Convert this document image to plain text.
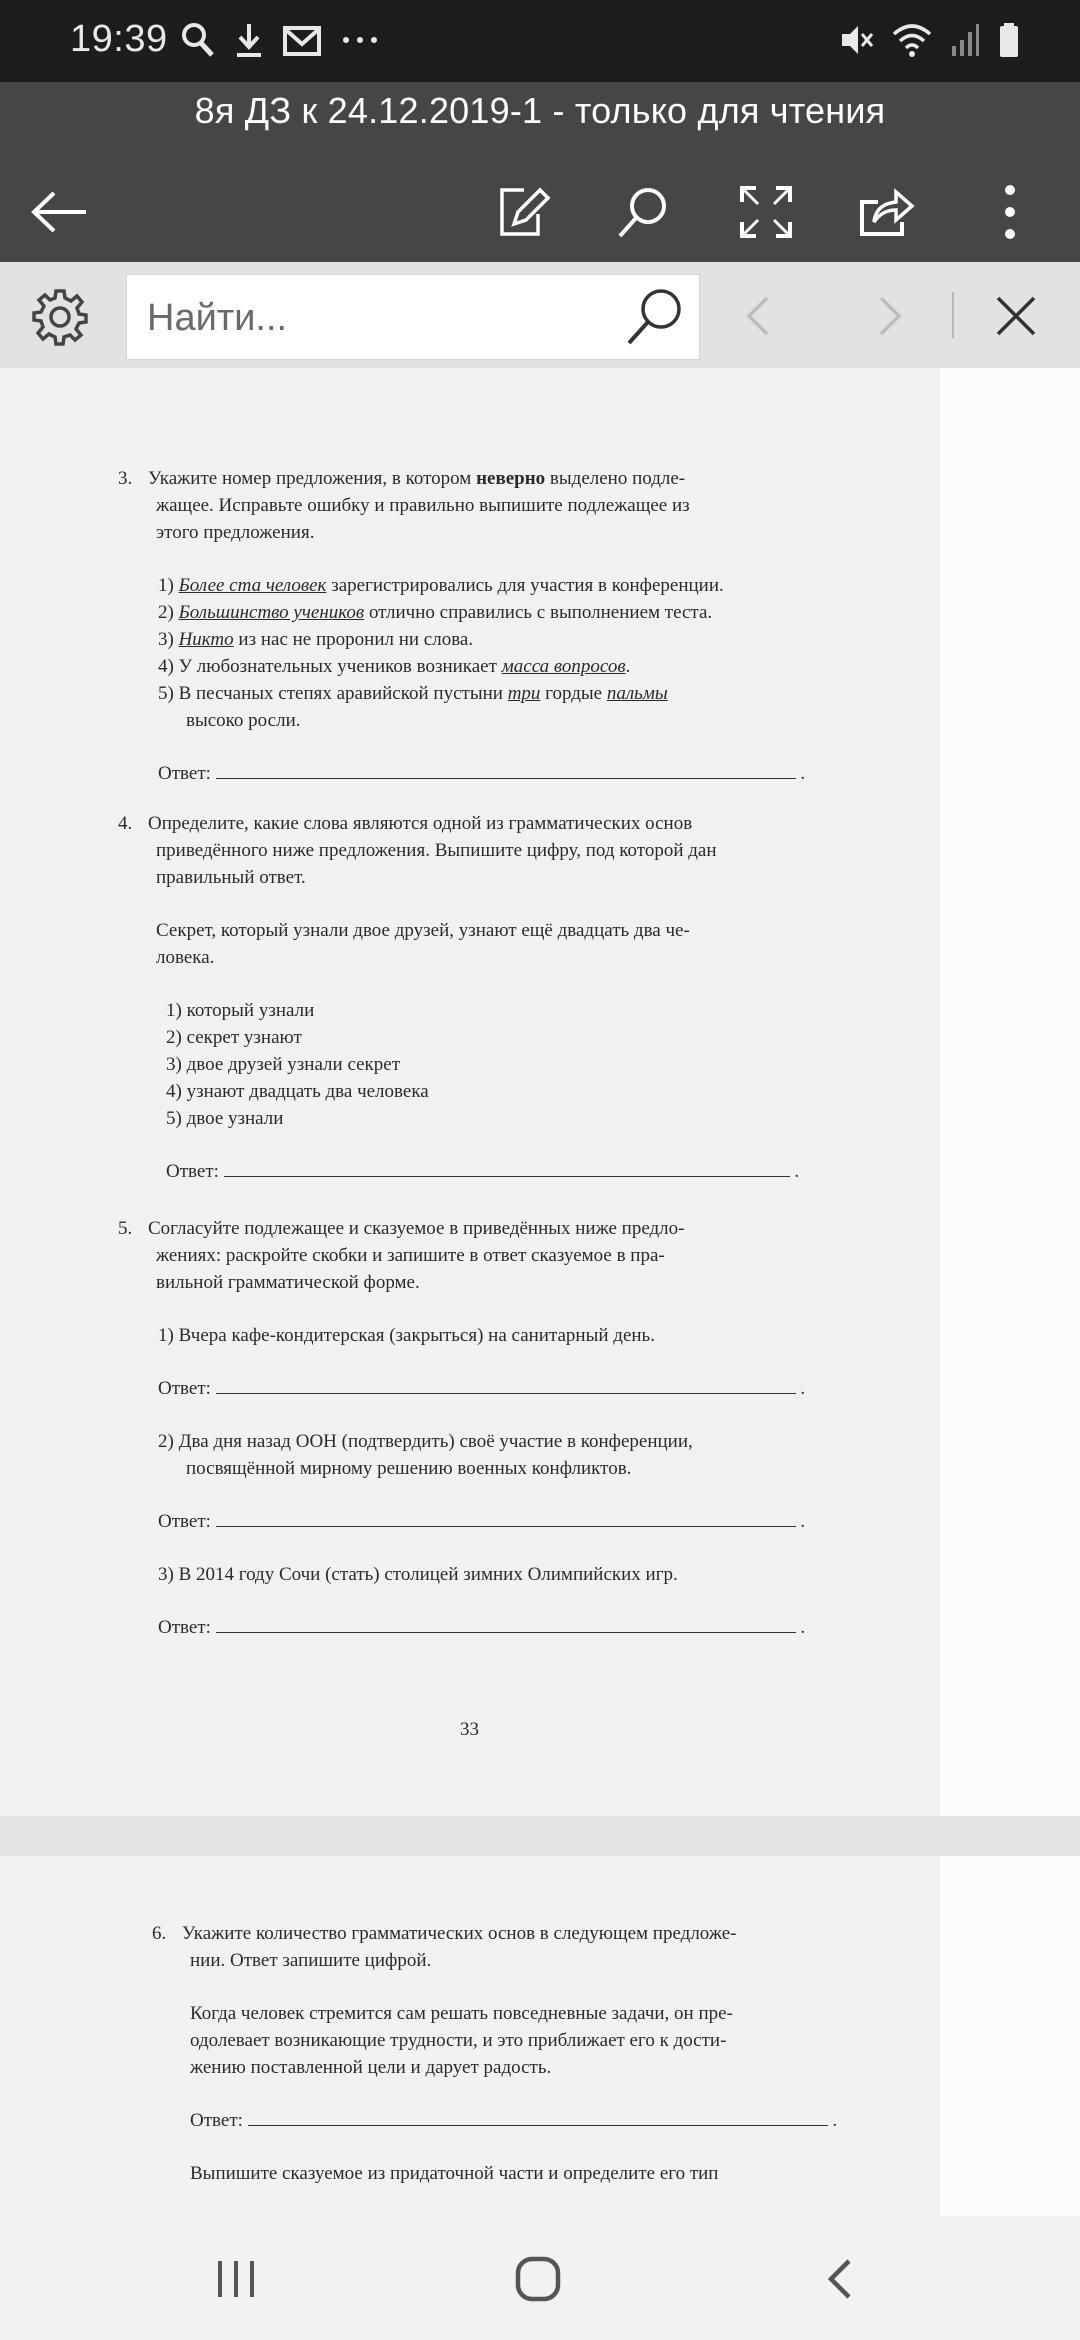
19:39
8я ДЗ к 24.12.2019-1 - только для чтения
Найти...

3. Укажите номер предложения, в котором неверно выделено подле-

жащее. Исправьте ошибку и правильно выпишите подлежащее из

этого предложения.

1) Более ста человек зарегистрировались для участия в конференции.

2) Большинство учеников отлично справились с выполнением теста.

3) Никто из нас не проронил ни слова.

4) У любознательных учеников возникает масса вопросов.

5) В песчаных степях аравийской пустыни три гордые пальмы

высоко росли.

Ответ:	.

4. Определите, какие слова являются одной из грамматических основ

приведённого ниже предложения. Выпишите цифру, под которой дан

правильный ответ.

Секрет, который узнали двое друзей, узнают ещё двадцать два че-

ловека.

1) который узнали

2) секрет узнают

3) двое друзей узнали секрет

4) узнают двадцать два человека

5) двое узнали

Ответ:	.

5. Согласуйте подлежащее и сказуемое в приведённых ниже предло-

жениях: раскройте скобки и запишите в ответ сказуемое в пра-

вильной грамматической форме.

1) Вчера кафе-кондитерская (закрыться) на санитарный день.

Ответ:	.

2) Два дня назад ООН (подтвердить) своё участие в конференции,

посвящённой мирному решению военных конфликтов.

Ответ:	.

3) В 2014 году Сочи (стать) столицей зимних Олимпийских игр.

Ответ:	.

33

6. Укажите количество грамматических основ в следующем предложе-

нии. Ответ запишите цифрой.

Когда человек стремится сам решать повседневные задачи, он пре-

одолевает возникающие трудности, и это приближает его к дости-

жению поставленной цели и дарует радость.

Ответ:	.

Выпишите сказуемое из придаточной части и определите его тип
